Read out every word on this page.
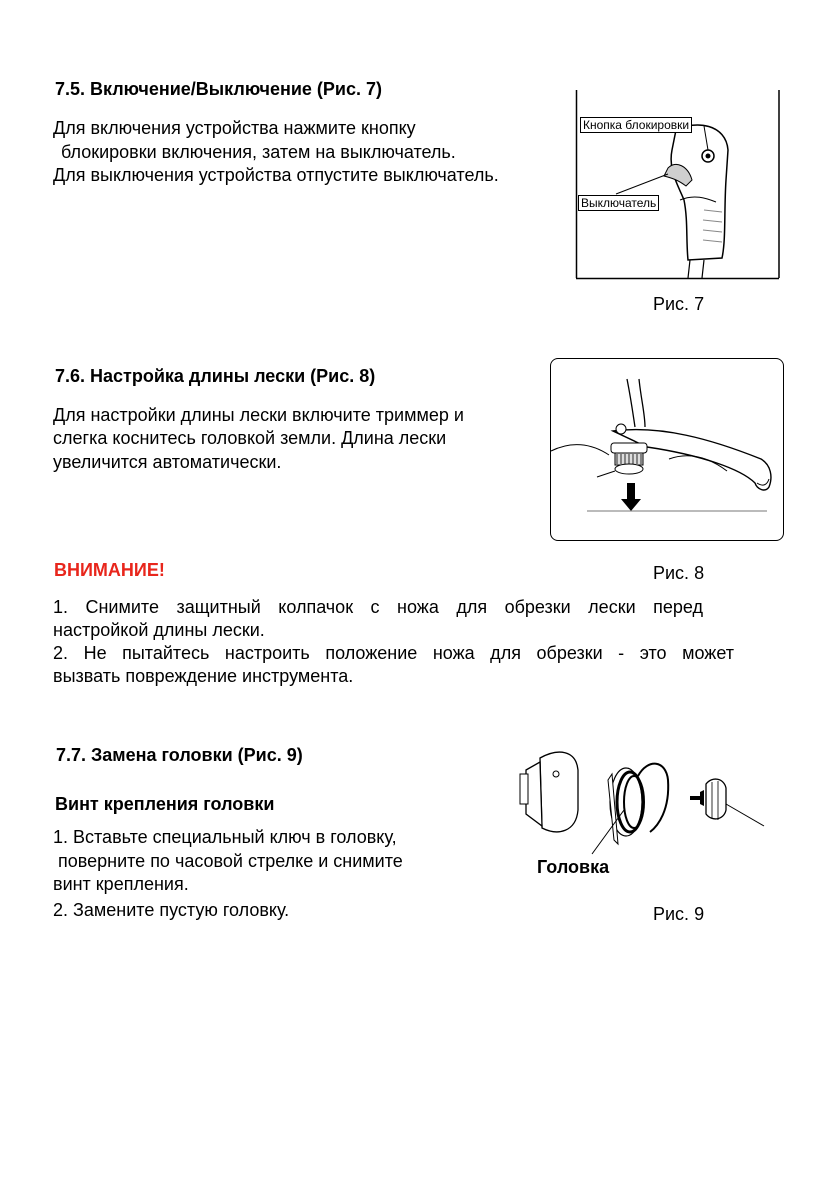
7.5. Включение/Выключение (Рис. 7)
Для включения устройства нажмите кнопку
блокировки включения, затем на выключатель.
Для выключения устройства отпустите выключатель.
Кнопка блокировки
Выключатель
Рис. 7
7.6. Настройка длины лески (Рис. 8)
Для настройки длины лески включите триммер и
слегка коснитесь головкой земли. Длина лески
увеличится автоматически.
ВНИМАНИЕ!	Рис. 8
1. Снимите защитный колпачок с ножа для обрезки лески перед
настройкой длины лески.
2. Не пытайтесь настроить положение ножа для обрезки - это может
вызвать повреждение инструмента.
7.7. Замена головки (Рис. 9)
Винт крепления головки
1. Вставьте специальный ключ в головку,
поверните по часовой стрелке и снимите
винт крепления.
2. Замените пустую головку.
Головка
Рис. 9
